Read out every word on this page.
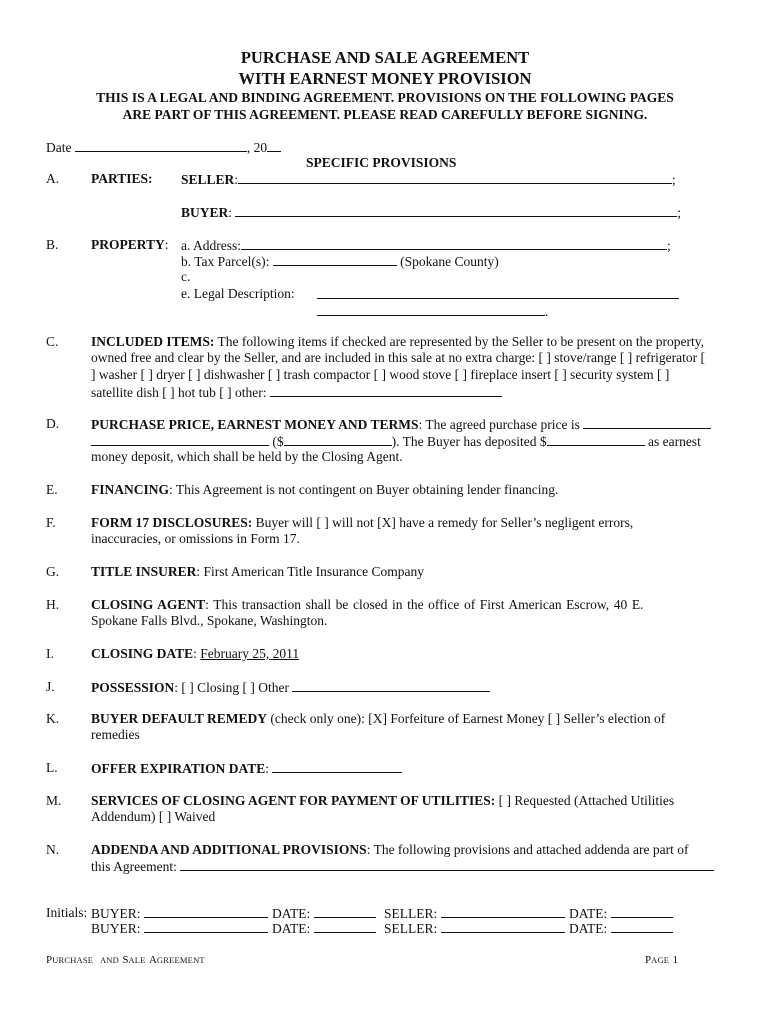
PURCHASE AND SALE AGREEMENT
WITH EARNEST MONEY PROVISION
THIS IS A LEGAL AND BINDING AGREEMENT. PROVISIONS ON THE FOLLOWING PAGES
ARE PART OF THIS AGREEMENT. PLEASE READ CAREFULLY BEFORE SIGNING.
Date	, 20
SPECIFIC PROVISIONS
A. PARTIES: SELLER:	;
BUYER:	;
B. PROPERTY: a. Address:	;
b. Tax Parcel(s):	(Spokane County)
c.
e. Legal Description:
.
C. INCLUDED ITEMS: The following items if checked are represented by the Seller to be present on the property,
owned free and clear by the Seller, and are included in this sale at no extra charge: [ ] stove/range [ ] refrigerator [
] washer [ ] dryer [ ] dishwasher [ ] trash compactor [ ] wood stove [ ] fireplace insert [ ] security system [ ]
satellite dish [ ] hot tub [ ] other:
D. PURCHASE PRICE, EARNEST MONEY AND TERMS: The agreed purchase price is
($	). The Buyer has deposited $	as earnest
money deposit, which shall be held by the Closing Agent.
E. FINANCING: This Agreement is not contingent on Buyer obtaining lender financing.
F.	FORM 17 DISCLOSURES: Buyer will [ ] will not [X] have a remedy for Seller’s negligent errors,
inaccuracies, or omissions in Form 17.
G. TITLE INSURER: First American Title Insurance Company
H. CLOSING AGENT: This transaction shall be closed in the office of First American Escrow, 40 E.
Spokane Falls Blvd., Spokane, Washington.
I.	CLOSING DATE: February 25, 2011
J.	POSSESSION: [ ] Closing [ ] Other
K. BUYER DEFAULT REMEDY (check only one): [X] Forfeiture of Earnest Money [ ] Seller’s election of
remedies
L. OFFER EXPIRATION DATE:
M. SERVICES OF CLOSING AGENT FOR PAYMENT OF UTILITIES: [ ] Requested (Attached Utilities
Addendum) [ ] Waived
N. ADDENDA AND ADDITIONAL PROVISIONS: The following provisions and attached addenda are part of
this Agreement:
Initials: BUYER:	DATE:	SELLER:	DATE:
BUYER:	DATE:	SELLER:	DATE:
PURCHASE AND SALE AGREEMENT	PAGE 1
